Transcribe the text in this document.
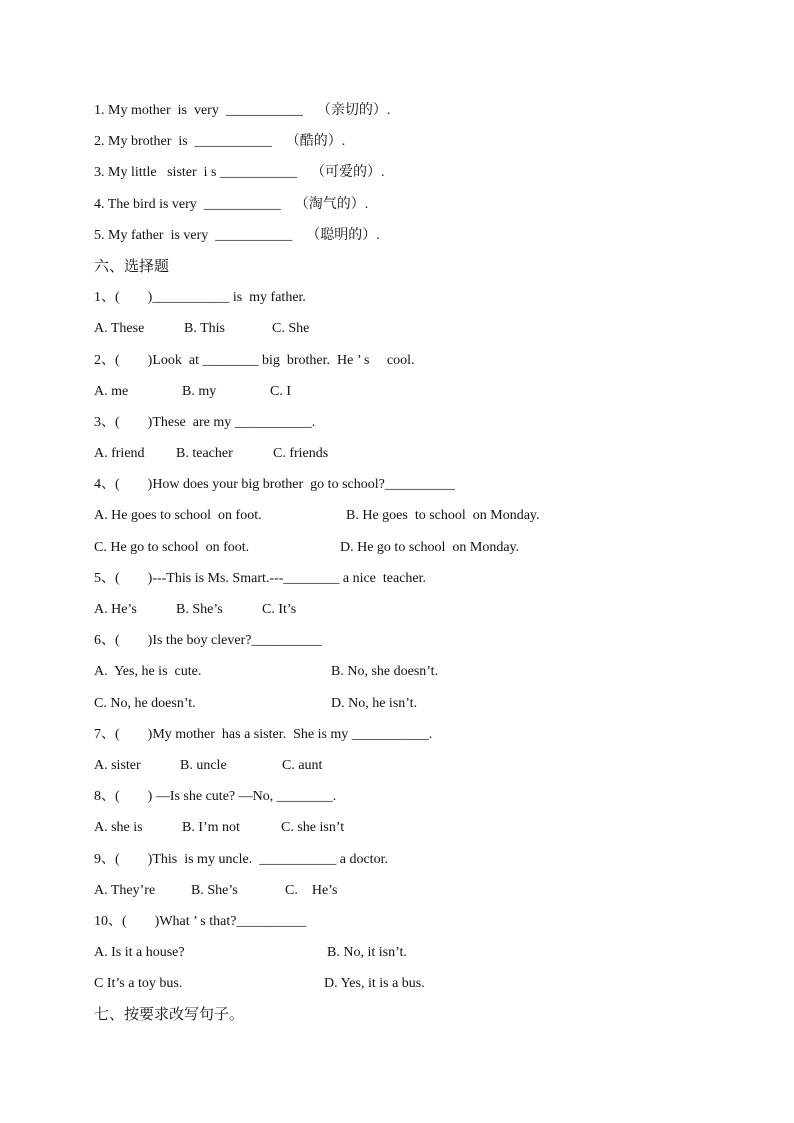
1. My mother  is  very  ___________    （亲切的）.
2. My brother  is  ___________    （酷的）.
3. My little   sister  i s ___________    （可爱的）.
4. The bird is very  ___________    （淘气的）.
5. My father  is very  ___________    （聪明的）.
六、选择题
1、(        )___________ is  my father.
A. These	B. This	C. She
2、(        )Look  at ________ big  brother.  He ’ s     cool.
A. me	B. my	C. I
3、(        )These  are my ___________.
A. friend B. teacher	C. friends
4、(        )How does your big brother  go to school?__________
A. He goes to school  on foot.	B. He goes  to school  on Monday.
C. He go to school  on foot.	D. He go to school  on Monday.
5、(        )---This is Ms. Smart.---________ a nice  teacher.
A. He’s	B. She’s	C. It’s
6、(        )Is the boy clever?__________
A.  Yes, he is  cute.	B. No, she doesn’t.
C. No, he doesn’t.	D. No, he isn’t.
7、(        )My mother  has a sister.  She is my ___________.
A. sister	B. uncle	C. aunt
8、(        ) —Is she cute? —No, ________.
A. she is	B. I’m not	C. she isn’t
9、(        )This  is my uncle.  ___________ a doctor.
A. They’re	B. She’s	C.    He’s
10、(        )What ’ s that?__________
A. Is it a house?	B. No, it isn’t.
C It’s a toy bus.	D. Yes, it is a bus.
七、按要求改写句子。
